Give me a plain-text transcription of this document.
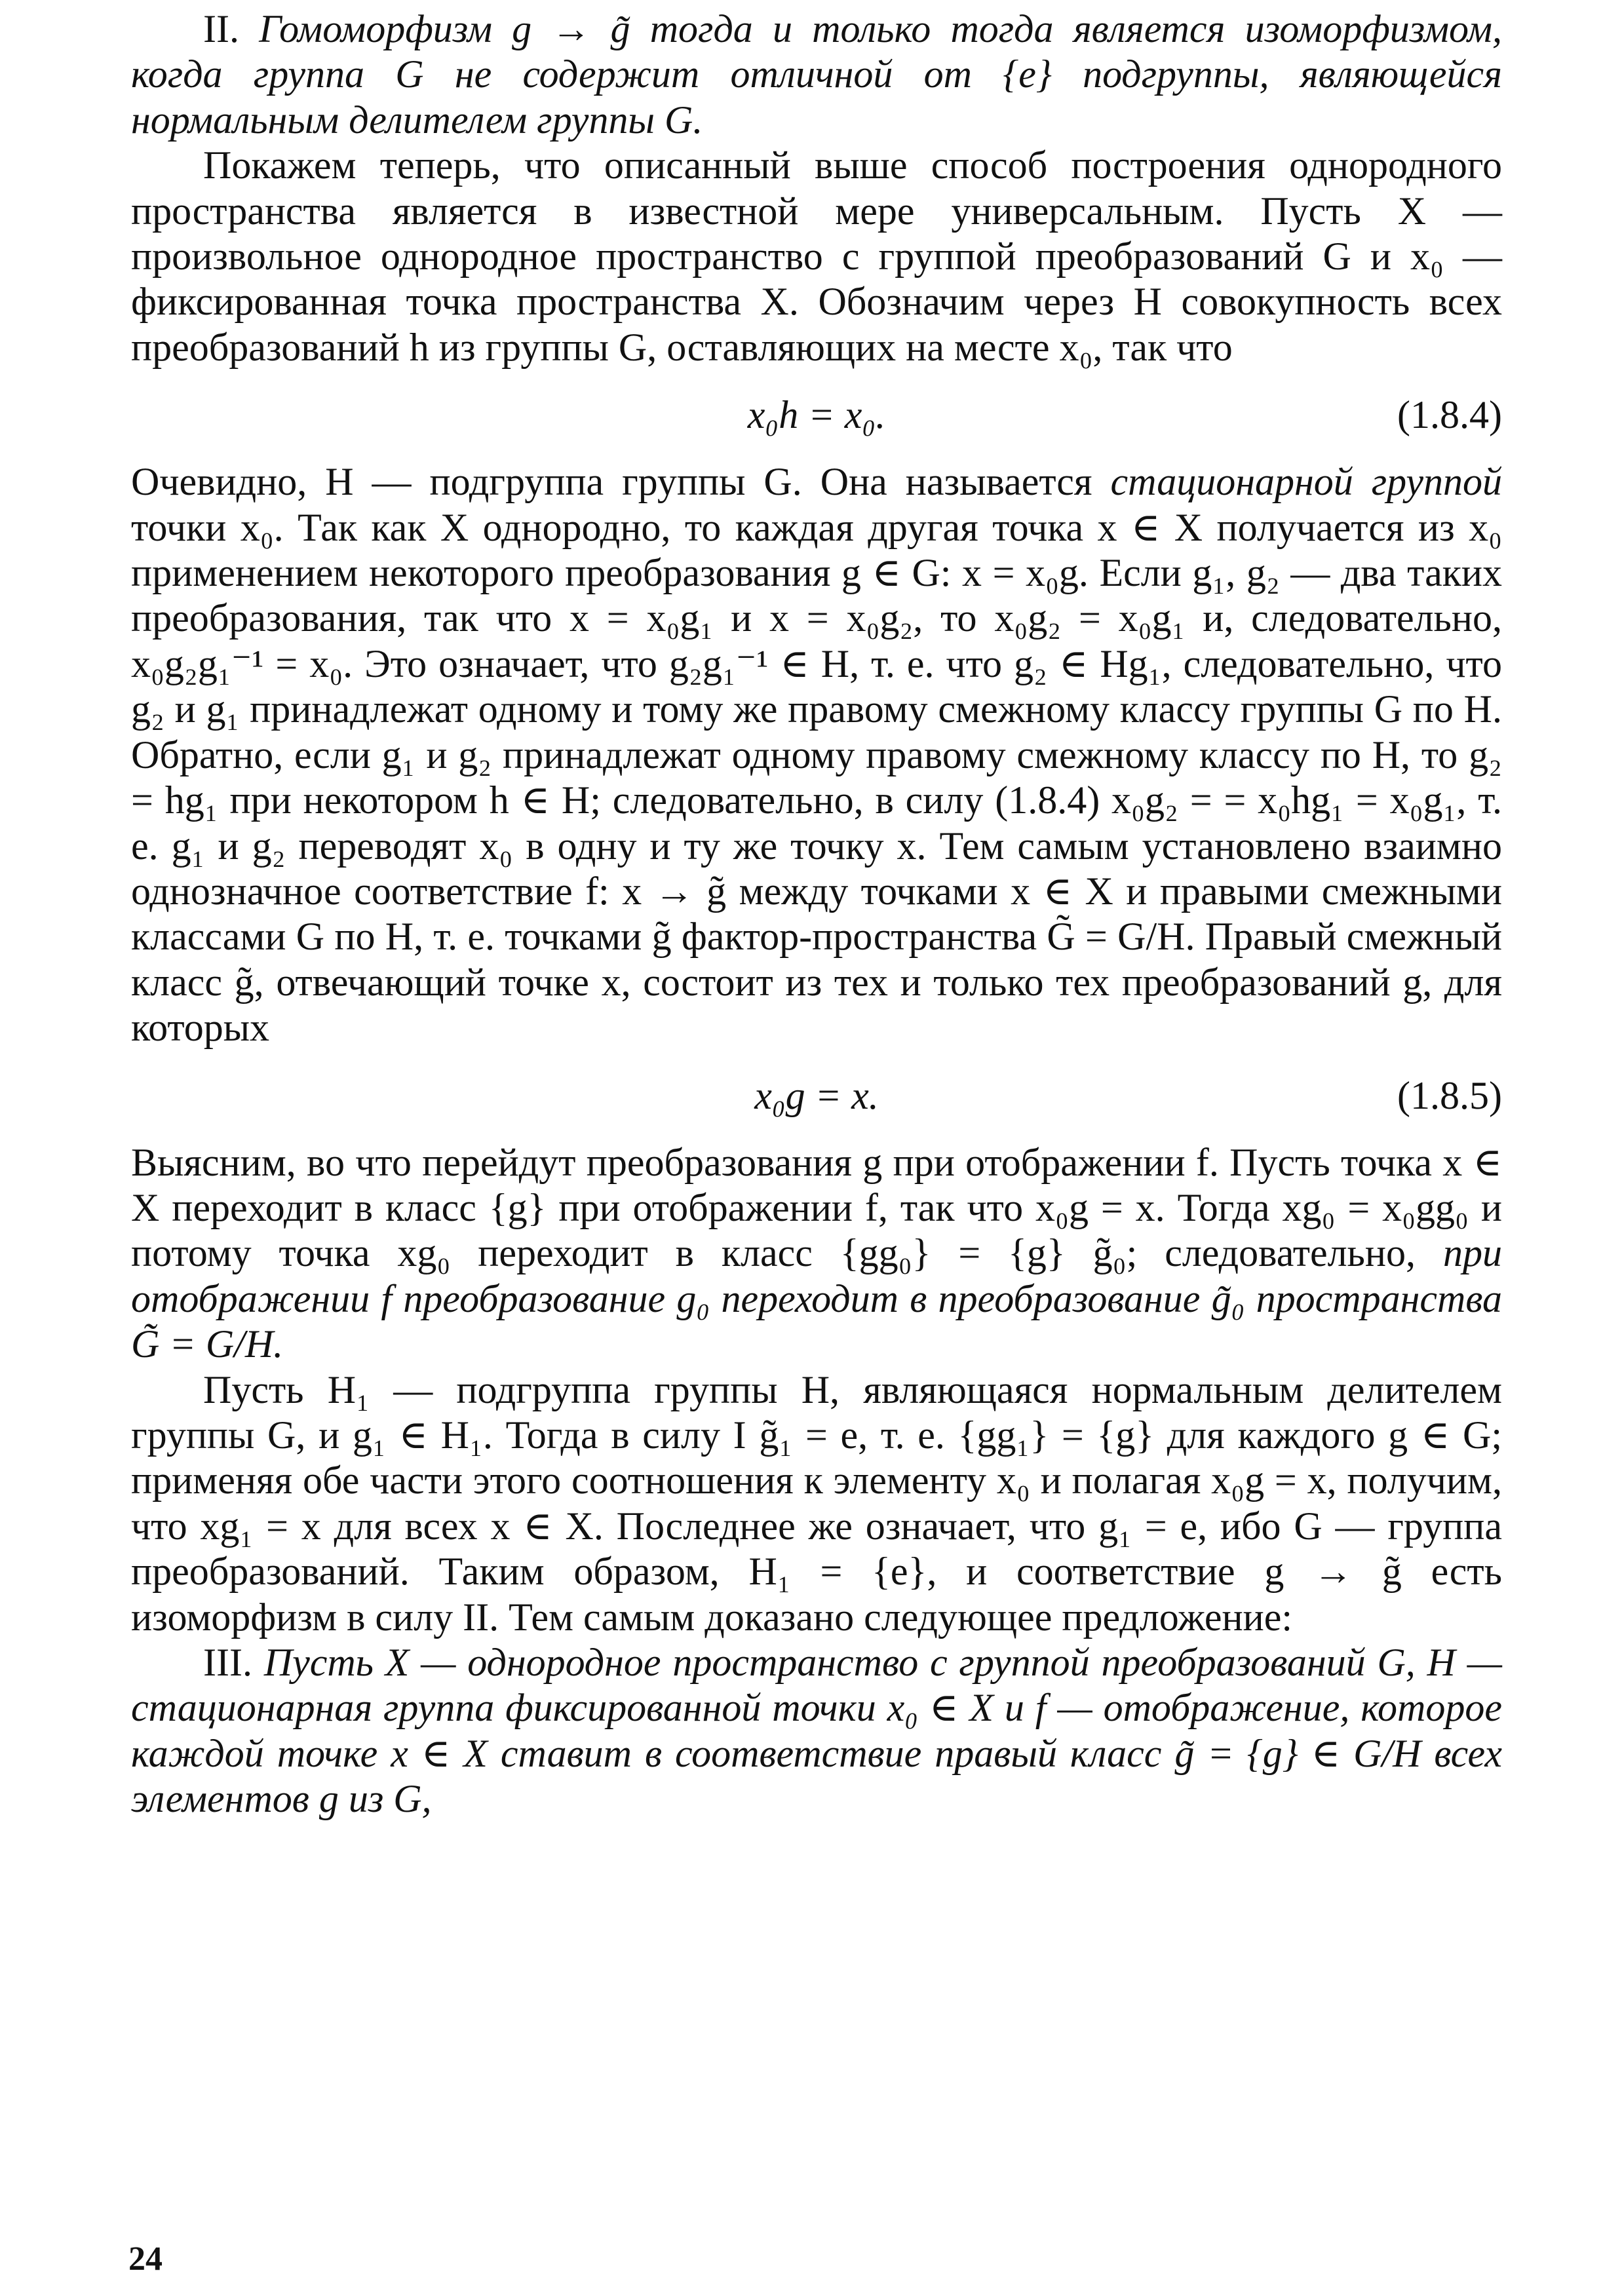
II. Гомоморфизм g → g̃ тогда и только тогда является изоморфизмом, когда группа G не содержит отличной от {e} подгруппы, являющейся нормальным делителем группы G.

Покажем теперь, что описанный выше способ построения однородного пространства является в известной мере универсальным. Пусть X — произвольное однородное пространство с группой преобразований G и x₀ — фиксированная точка пространства X. Обозначим через H совокупность всех преобразований h из группы G, оставляющих на месте x₀, так что

x₀h = x₀.	(1.8.4)

Очевидно, H — подгруппа группы G. Она называется стационарной группой точки x₀. Так как X однородно, то каждая другая точка x ∈ X получается из x₀ применением некоторого преобразования g ∈ G: x = x₀g. Если g₁, g₂ — два таких преобразования, так что x = x₀g₁ и x = x₀g₂, то x₀g₂ = x₀g₁ и, следовательно, x₀g₂g₁⁻¹ = x₀. Это означает, что g₂g₁⁻¹ ∈ H, т. е. что g₂ ∈ Hg₁, следовательно, что g₂ и g₁ принадлежат одному и тому же правому смежному классу группы G по H. Обратно, если g₁ и g₂ принадлежат одному правому смежному классу по H, то g₂ = hg₁ при некотором h ∈ H; следовательно, в силу (1.8.4) x₀g₂ = = x₀hg₁ = x₀g₁, т. е. g₁ и g₂ переводят x₀ в одну и ту же точку x. Тем самым установлено взаимно однозначное соответствие f: x → g̃ между точками x ∈ X и правыми смежными классами G по H, т. е. точками g̃ фактор-пространства G̃ = G/H. Правый смежный класс g̃, отвечающий точке x, состоит из тех и только тех преобразований g, для которых

x₀g = x.	(1.8.5)

Выясним, во что перейдут преобразования g при отображении f. Пусть точка x ∈ X переходит в класс {g} при отображении f, так что x₀g = x. Тогда xg₀ = x₀gg₀ и потому точка xg₀ переходит в класс {gg₀} = {g} g̃₀; следовательно, при отображении f преобразование g₀ переходит в преобразование g̃₀ пространства G̃ = G/H.

Пусть H₁ — подгруппа группы H, являющаяся нормальным делителем группы G, и g₁ ∈ H₁. Тогда в силу I g̃₁ = e, т. е. {gg₁} = {g} для каждого g ∈ G; применяя обе части этого соотношения к элементу x₀ и полагая x₀g = x, получим, что xg₁ = x для всех x ∈ X. Последнее же означает, что g₁ = e, ибо G — группа преобразований. Таким образом, H₁ = {e}, и соответствие g → g̃ есть изоморфизм в силу II. Тем самым доказано следующее предложение:

III. Пусть X — однородное пространство с группой преобразований G, H — стационарная группа фиксированной точки x₀ ∈ X и f — отображение, которое каждой точке x ∈ X ставит в соответствие правый класс g̃ = {g} ∈ G/H всех элементов g из G,

24
